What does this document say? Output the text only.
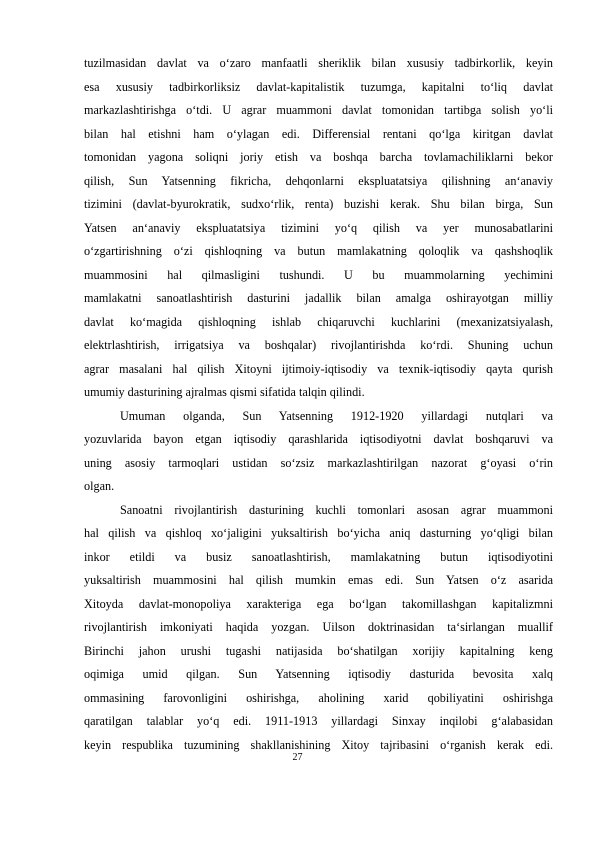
tuzilmasidan davlat va oʻzaro manfaatli sheriklik bilan xususiy tadbirkorlik, keyin
esa xususiy tadbirkorliksiz davlat-kapitalistik tuzumga, kapitalni toʻliq davlat
markazlashtirishga oʻtdi. U agrar muammoni davlat tomonidan tartibga solish yoʻli
bilan hal etishni ham oʻylagan edi. Differensial rentani qoʻlga kiritgan davlat
tomonidan yagona soliqni joriy etish va boshqa barcha tovlamachiliklarni bekor
qilish, Sun Yatsenning fikricha, dehqonlarni ekspluatatsiya qilishning anʻanaviy
tizimini (davlat-byurokratik, sudxoʻrlik, renta) buzishi kerak. Shu bilan birga, Sun
Yatsen anʻanaviy ekspluatatsiya tizimini yoʻq qilish va yer munosabatlarini
oʻzgartirishning oʻzi qishloqning va butun mamlakatning qoloqlik va qashshoqlik
muammosini hal qilmasligini tushundi. U bu muammolarning yechimini
mamlakatni sanoatlashtirish dasturini jadallik bilan amalga oshirayotgan milliy
davlat koʻmagida qishloqning ishlab chiqaruvchi kuchlarini (mexanizatsiyalash,
elektrlashtirish, irrigatsiya va boshqalar) rivojlantirishda koʻrdi. Shuning uchun
agrar masalani hal qilish Xitoyni ijtimoiy-iqtisodiy va texnik-iqtisodiy qayta qurish
umumiy dasturining ajralmas qismi sifatida talqin qilindi.
Umuman olganda, Sun Yatsenning 1912-1920 yillardagi nutqlari va
yozuvlarida bayon etgan iqtisodiy qarashlarida iqtisodiyotni davlat boshqaruvi va
uning asosiy tarmoqlari ustidan soʻzsiz markazlashtirilgan nazorat gʻoyasi oʻrin
olgan.
Sanoatni rivojlantirish dasturining kuchli tomonlari asosan agrar muammoni
hal qilish va qishloq xoʻjaligini yuksaltirish boʻyicha aniq dasturning yoʻqligi bilan
inkor etildi va busiz sanoatlashtirish, mamlakatning butun iqtisodiyotini
yuksaltirish muammosini hal qilish mumkin emas edi. Sun Yatsen oʻz asarida
Xitoyda davlat-monopoliya xarakteriga ega boʻlgan takomillashgan kapitalizmni
rivojlantirish imkoniyati haqida yozgan. Uilson doktrinasidan taʻsirlangan muallif
Birinchi jahon urushi tugashi natijasida boʻshatilgan xorijiy kapitalning keng
oqimiga umid qilgan. Sun Yatsenning iqtisodiy dasturida bevosita xalq
ommasining farovonligini oshirishga, aholining xarid qobiliyatini oshirishga
qaratilgan talablar yoʻq edi. 1911-1913 yillardagi Sinxay inqilobi gʻalabasidan
keyin respublika tuzumining shakllanishining Xitoy tajribasini oʻrganish kerak edi.
27
